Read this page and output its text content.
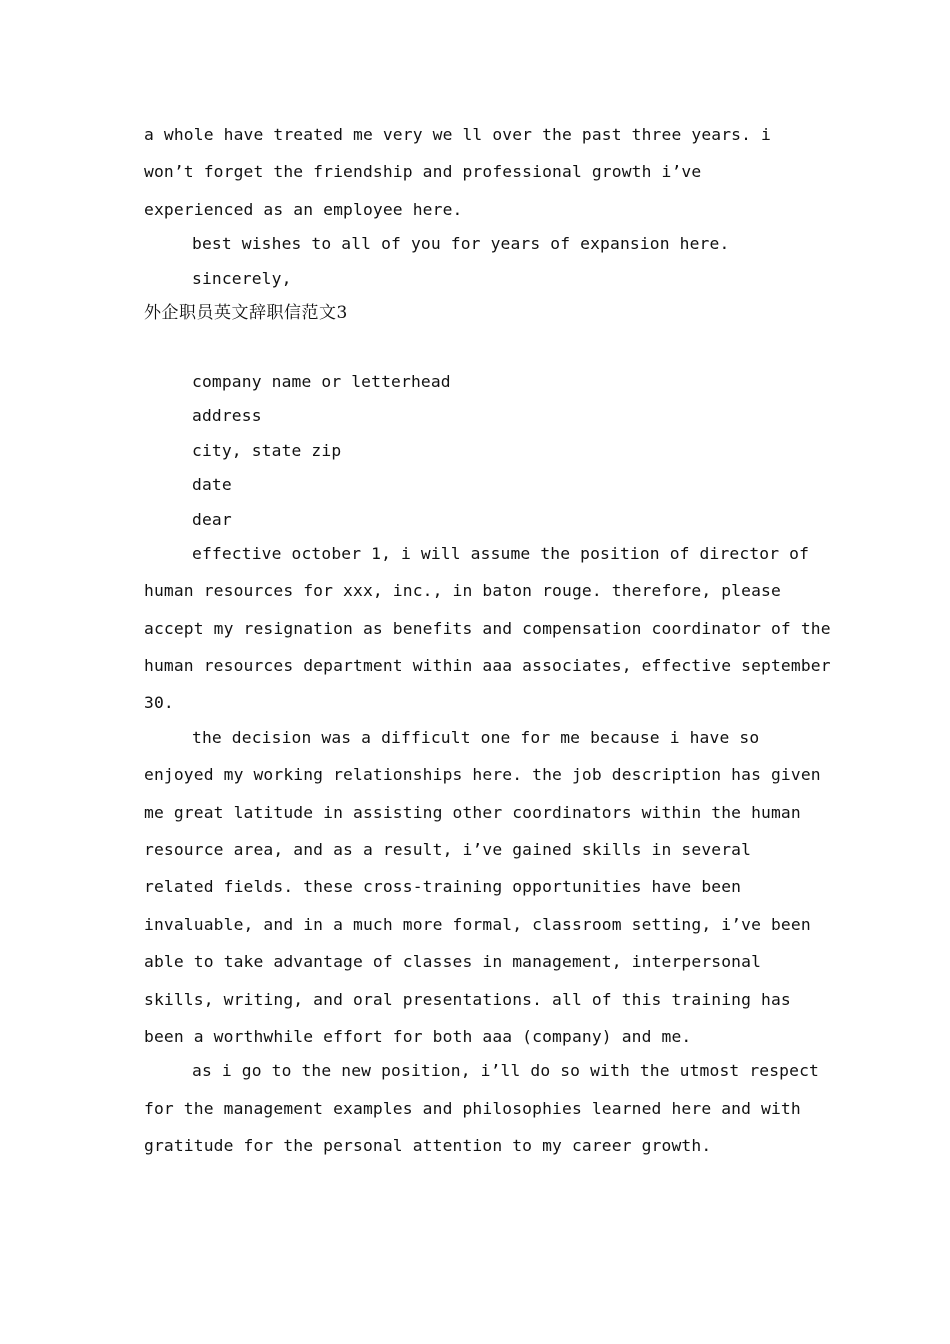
a whole have treated me very we ll over the past three years. i
won’t forget the friendship and professional growth i’ve
experienced as an employee here.
best wishes to all of you for years of expansion here.
sincerely,
外企职员英文辞职信范文3
company name or letterhead
address
city, state zip
date
dear
effective october 1, i will assume the position of director of
human resources for xxx, inc., in baton rouge. therefore, please
accept my resignation as benefits and compensation coordinator of the
human resources department within aaa associates, effective september
30.
the decision was a difficult one for me because i have so
enjoyed my working relationships here. the job description has given
me great latitude in assisting other coordinators within the human
resource area, and as a result, i’ve gained skills in several
related fields. these cross-training opportunities have been
invaluable, and in a much more formal, classroom setting, i’ve been
able to take advantage of classes in management, interpersonal
skills, writing, and oral presentations. all of this training has
been a worthwhile effort for both aaa (company) and me.
as i go to the new position, i’ll do so with the utmost respect
for the management examples and philosophies learned here and with
gratitude for the personal attention to my career growth.
